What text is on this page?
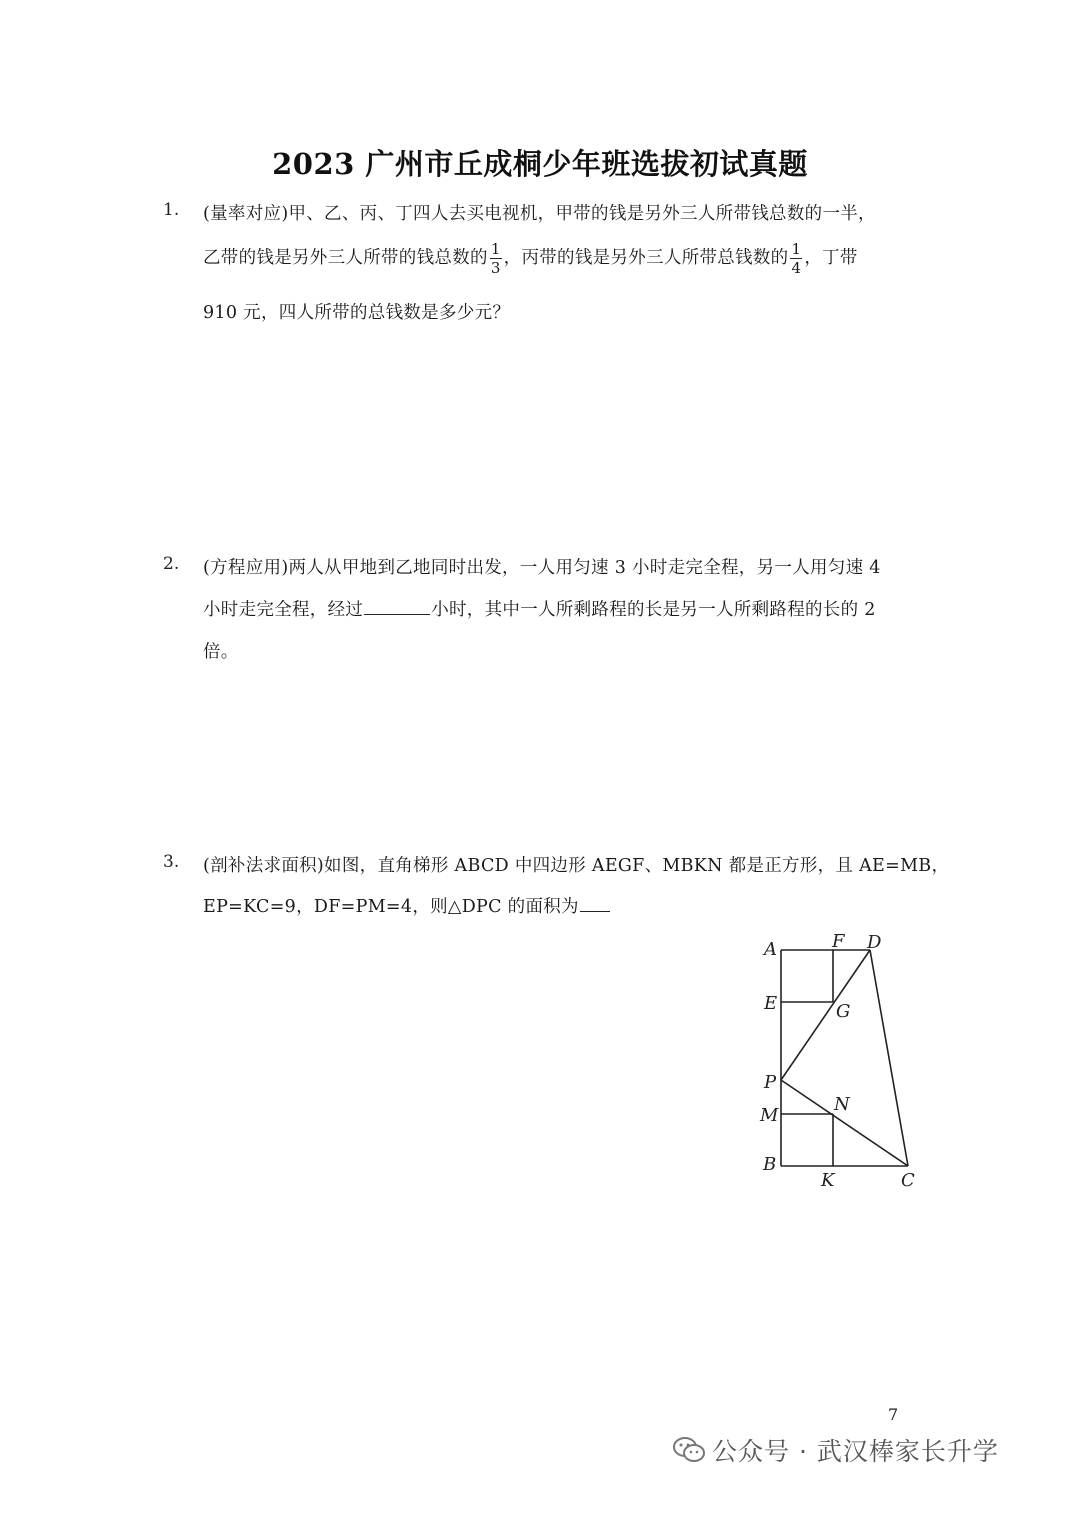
2023 广州市丘成桐少年班选拔初试真题
1. (量率对应)甲、乙、丙、丁四人去买电视机，甲带的钱是另外三人所带钱总数的一半，
乙带的钱是另外三人所带的钱总数的 $\frac{1}{3}$ ，丙带的钱是另外三人所带总钱数的 $\frac{1}{4}$ ，丁带
910 元，四人所带的总钱数是多少元？
2. (方程应用)两人从甲地到乙地同时出发，一人用匀速 3 小时走完全程，另一人用匀速 4
小时走完全程，经过	小时，其中一人所剩路程的长是另一人所剩路程的长的 2
倍。
3. (剖补法求面积)如图，直角梯形 ABCD 中四边形 AEGF、MBKN 都是正方形，且 AE=MB，
EP=KC=9，DF=PM=4，则△DPC 的面积为
A	F D
E	G
P
M
N
B
K	C
7
公众号 · 武汉棒家长升学
